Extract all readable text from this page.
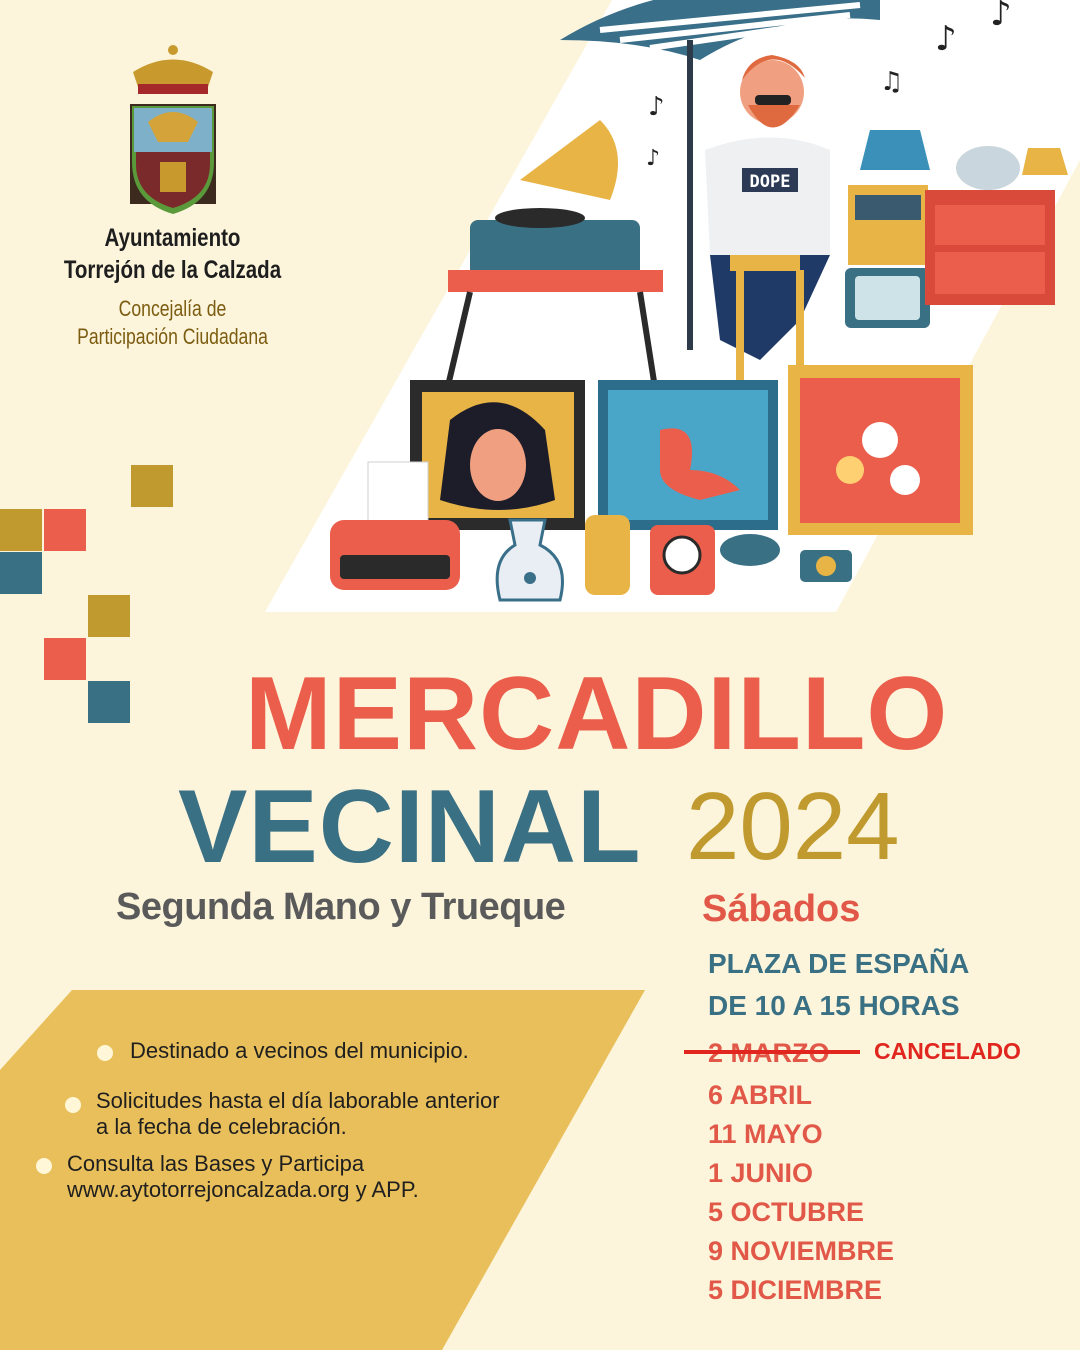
♪
♪
♫
♪
♪
DOPE
Ayuntamiento
Torrejón de la Calzada
Concejalía de
Participación Ciudadana
MERCADILLO
VECINAL 2024
Segunda Mano y Trueque
Destinado a vecinos del municipio.
Solicitudes hasta el día laborable anterior
a la fecha de celebración.
Consulta las Bases y Participa
www.aytotorrejoncalzada.org y APP.
Sábados
PLAZA DE ESPAÑA
DE 10 A 15 HORAS
CANCELADO
6 ABRIL
11 MAYO
1 JUNIO
5 OCTUBRE
9 NOVIEMBRE
5 DICIEMBRE
